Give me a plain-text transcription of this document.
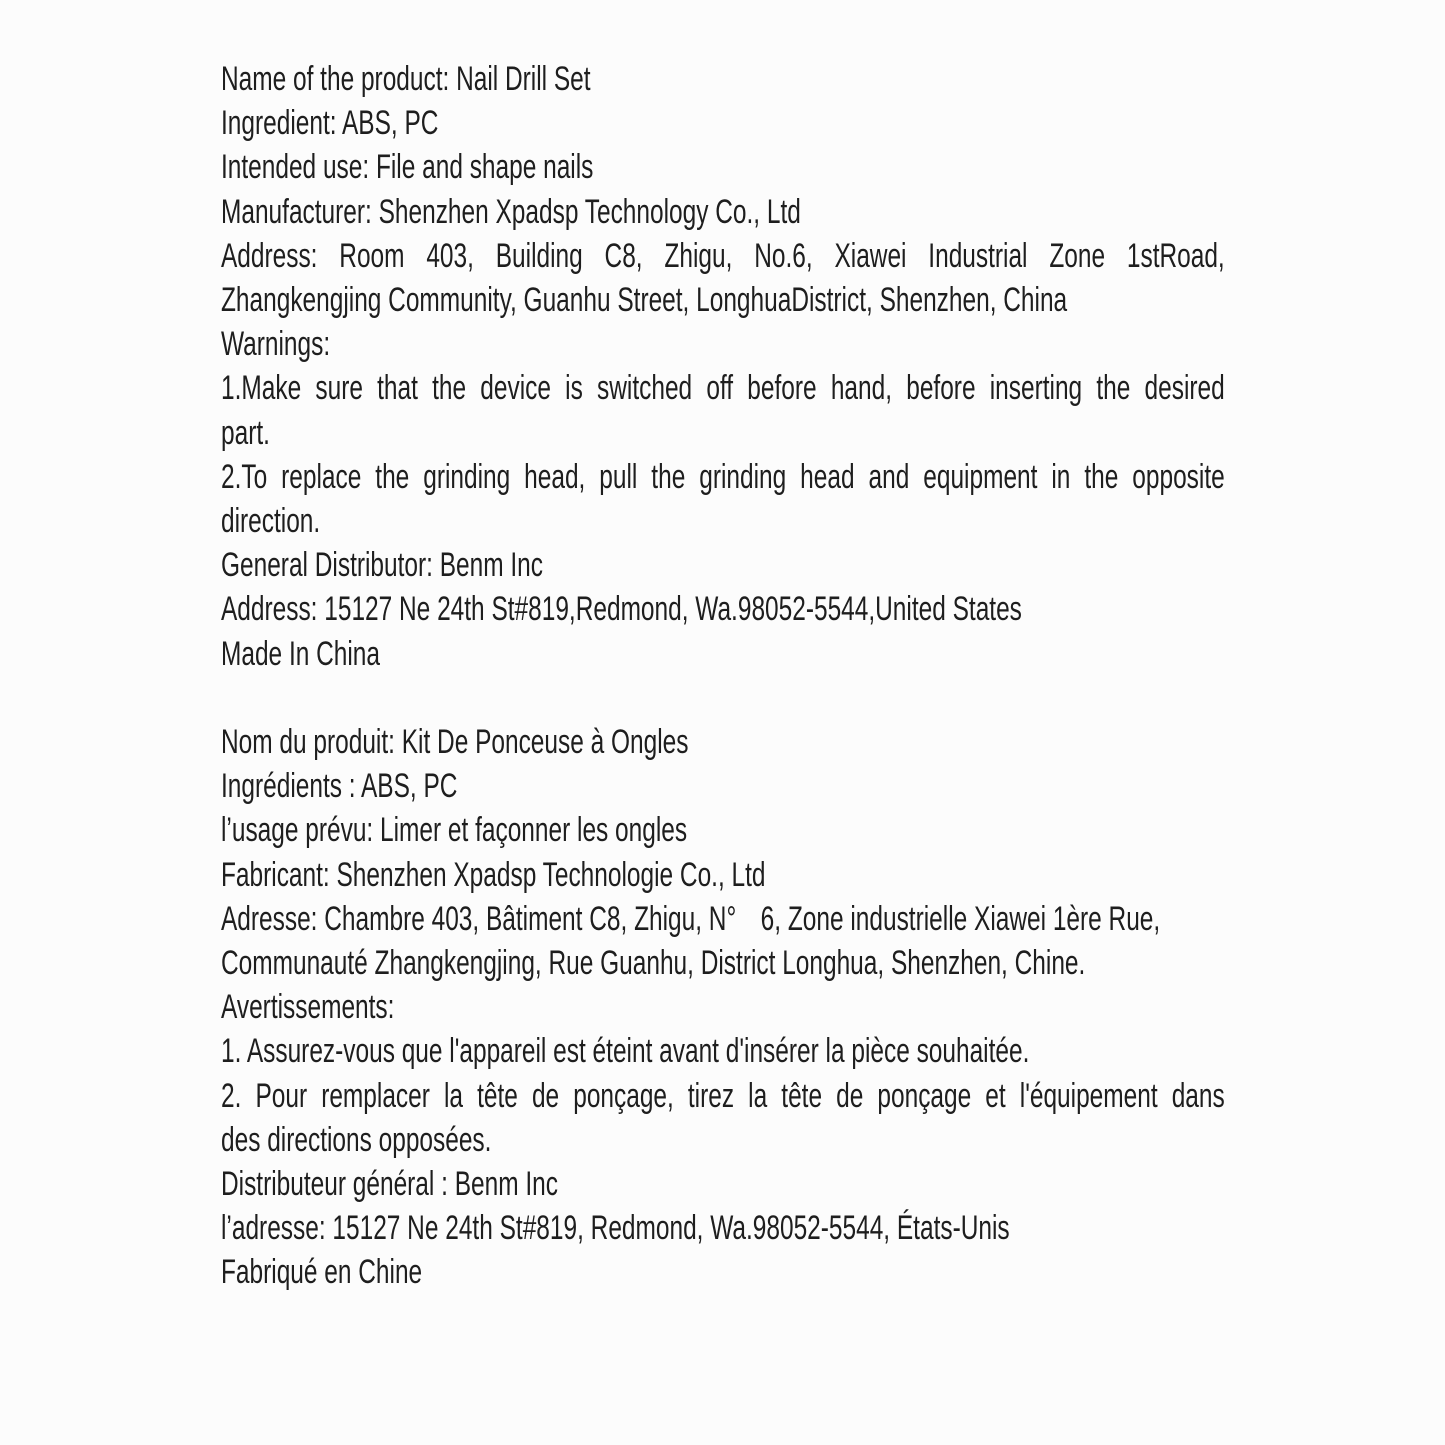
Name of the product: Nail Drill Set
Ingredient: ABS, PC
Intended use: File and shape nails
Manufacturer: Shenzhen Xpadsp Technology Co., Ltd
Address: Room 403, Building C8, Zhigu, No.6, Xiawei Industrial Zone 1stRoad,
Zhangkengjing Community, Guanhu Street, LonghuaDistrict, Shenzhen, China
Warnings:
1.Make sure that the device is switched off before hand, before inserting the desired
part.
2.To replace the grinding head, pull the grinding head and equipment in the opposite
direction.
General Distributor: Benm Inc
Address: 15127 Ne 24th St#819,Redmond, Wa.98052-5544,United States
Made In China
Nom du produit: Kit De Ponceuse à Ongles
Ingrédients : ABS, PC
l’usage prévu: Limer et façonner les ongles
Fabricant: Shenzhen Xpadsp Technologie Co., Ltd
Adresse: Chambre 403, Bâtiment C8, Zhigu, N°　6, Zone industrielle Xiawei 1ère Rue,
Communauté Zhangkengjing, Rue Guanhu, District Longhua, Shenzhen, Chine.
Avertissements:
1. Assurez-vous que l'appareil est éteint avant d'insérer la pièce souhaitée.
2. Pour remplacer la tête de ponçage, tirez la tête de ponçage et l'équipement dans
des directions opposées.
Distributeur général : Benm Inc
l’adresse: 15127 Ne 24th St#819, Redmond, Wa.98052-5544, États-Unis
Fabriqué en Chine
